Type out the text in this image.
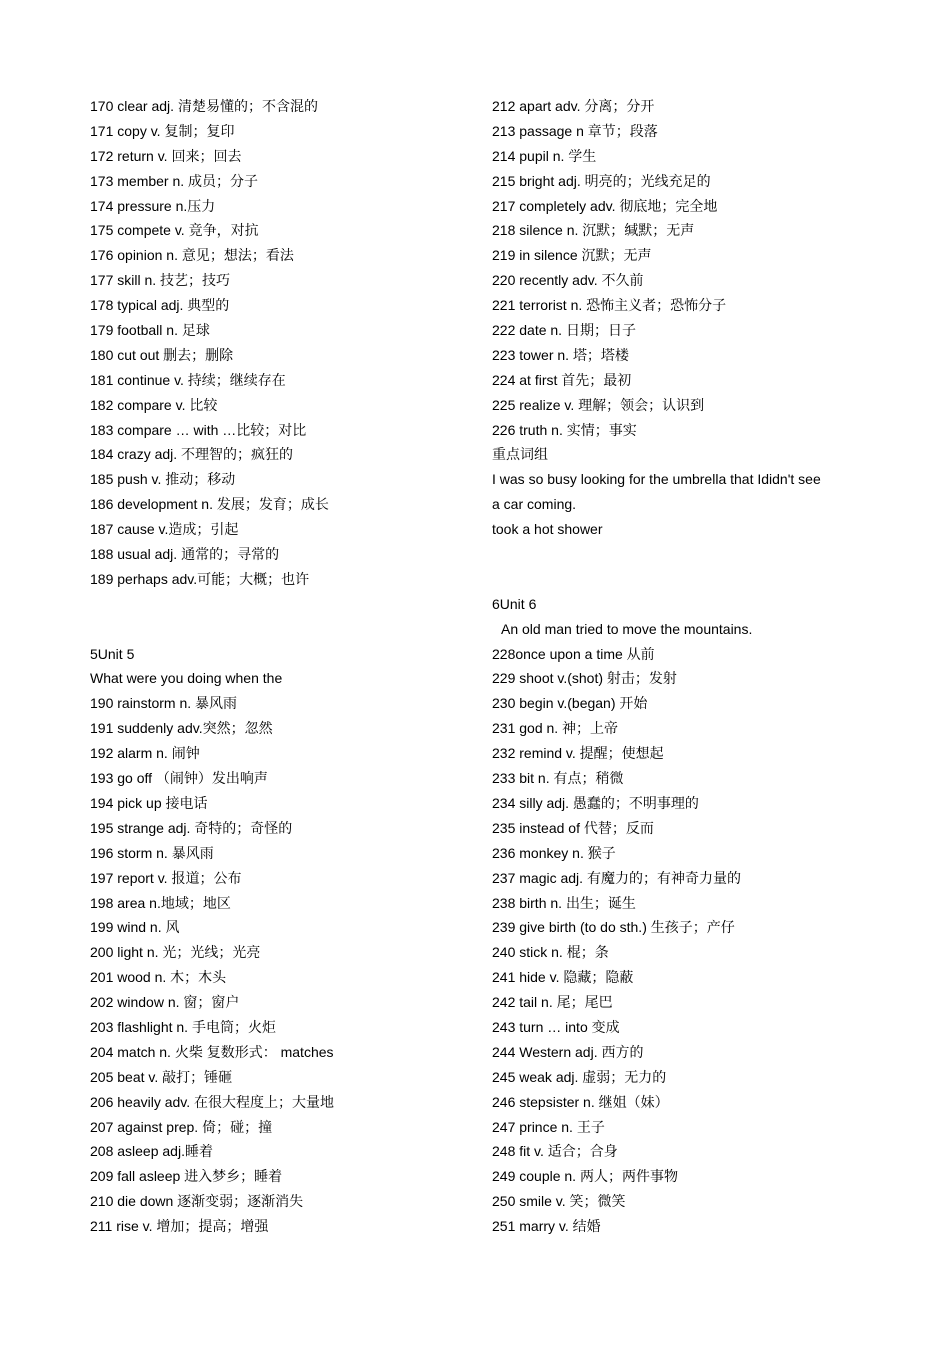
170 clear adj. 清楚易懂的；不含混的
171 copy v. 复制；复印
172 return v. 回来；回去
173 member n. 成员；分子
174 pressure n.压力
175 compete v. 竞争，对抗
176 opinion n. 意见；想法；看法
177 skill n. 技艺；技巧
178 typical adj. 典型的
179 football n. 足球
180 cut out 删去；删除
181 continue v. 持续；继续存在
182 compare v. 比较
183 compare … with …比较；对比
184 crazy adj. 不理智的；疯狂的
185 push v. 推动；移动
186 development n. 发展；发育；成长
187 cause v.造成；引起
188 usual adj. 通常的；寻常的
189 perhaps adv.可能；大概；也许
5Unit 5
What were you doing when the
190 rainstorm n. 暴风雨
191 suddenly adv.突然；忽然
192 alarm n. 闹钟
193 go off （闹钟）发出响声
194 pick up 接电话
195 strange adj. 奇特的；奇怪的
196 storm n. 暴风雨
197 report v. 报道；公布
198 area n.地域；地区
199 wind n. 风
200 light n. 光；光线；光亮
201 wood n. 木；木头
202 window n. 窗；窗户
203 flashlight n. 手电筒；火炬
204 match n. 火柴 复数形式： matches
205 beat v. 敲打；锤砸
206 heavily adv. 在很大程度上；大量地
207 against prep. 倚；碰；撞
208 asleep adj.睡着
209 fall asleep 进入梦乡；睡着
210 die down 逐渐变弱；逐渐消失
211 rise v. 增加；提高；增强
212 apart adv. 分离；分开
213 passage n 章节；段落
214 pupil n. 学生
215 bright adj. 明亮的；光线充足的
217 completely adv. 彻底地；完全地
218 silence n. 沉默；缄默；无声
219 in silence 沉默；无声
220 recently adv. 不久前
221 terrorist n. 恐怖主义者；恐怖分子
222 date n. 日期；日子
223 tower n. 塔；塔楼
224 at first 首先；最初
225 realize v. 理解；领会；认识到
226 truth n. 实情；事实
重点词组
I was so busy looking for the umbrella that Ididn't see
a car coming.
took a hot shower
6Unit 6
An old man tried to move the mountains.
228once upon a time 从前
229 shoot v.(shot) 射击；发射
230 begin v.(began) 开始
231 god n. 神；上帝
232 remind v. 提醒；使想起
233 bit n. 有点；稍微
234 silly adj. 愚蠢的；不明事理的
235 instead of 代替；反而
236 monkey n. 猴子
237 magic adj. 有魔力的；有神奇力量的
238 birth n. 出生；诞生
239 give birth (to do sth.) 生孩子；产仔
240 stick n. 棍；条
241 hide v. 隐藏；隐蔽
242 tail n. 尾；尾巴
243 turn … into 变成
244 Western adj. 西方的
245 weak adj. 虚弱；无力的
246 stepsister n. 继姐（妹）
247 prince n. 王子
248 fit v. 适合；合身
249 couple n. 两人；两件事物
250 smile v. 笑；微笑
251 marry v. 结婚
